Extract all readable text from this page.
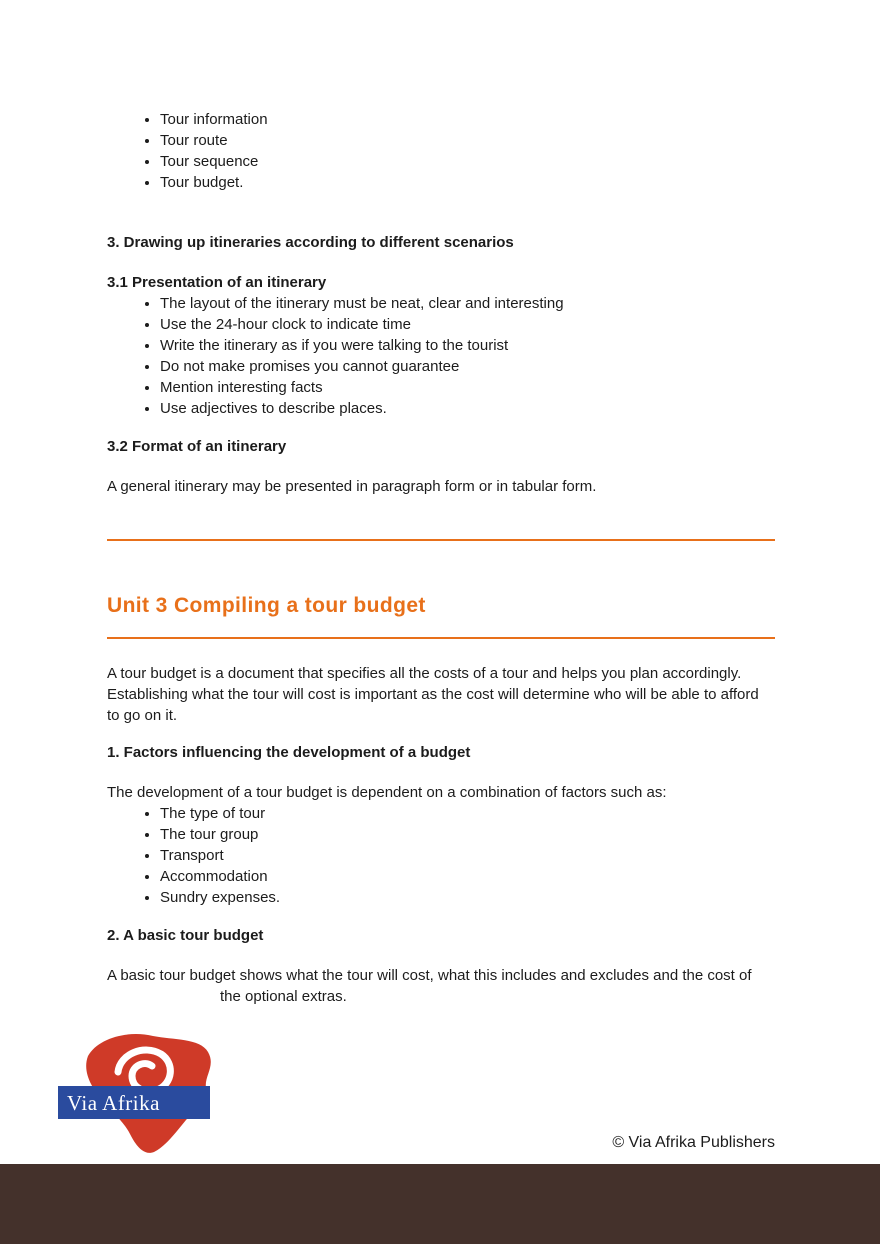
• Tour information
• Tour route
• Tour sequence
• Tour budget.
3. Drawing up itineraries according to different scenarios
3.1 Presentation of an itinerary
• The layout of the itinerary must be neat, clear and interesting
• Use the 24-hour clock to indicate time
• Write the itinerary as if you were talking to the tourist
• Do not make promises you cannot guarantee
• Mention interesting facts
• Use adjectives to describe places.
3.2 Format of an itinerary
A general itinerary may be presented in paragraph form or in tabular form.
Unit 3 Compiling a tour budget
A tour budget is a document that specifies all the costs of a tour and helps you plan accordingly. Establishing what the tour will cost is important as the cost will determine who will be able to afford to go on it.
1. Factors influencing the development of a budget
The development of a tour budget is dependent on a combination of factors such as:
• The type of tour
• The tour group
• Transport
• Accommodation
• Sundry expenses.
2. A basic tour budget
A basic tour budget shows what the tour will cost, what this includes and excludes and the cost of
the optional extras.
© Via Afrika Publishers
Via Afrika
